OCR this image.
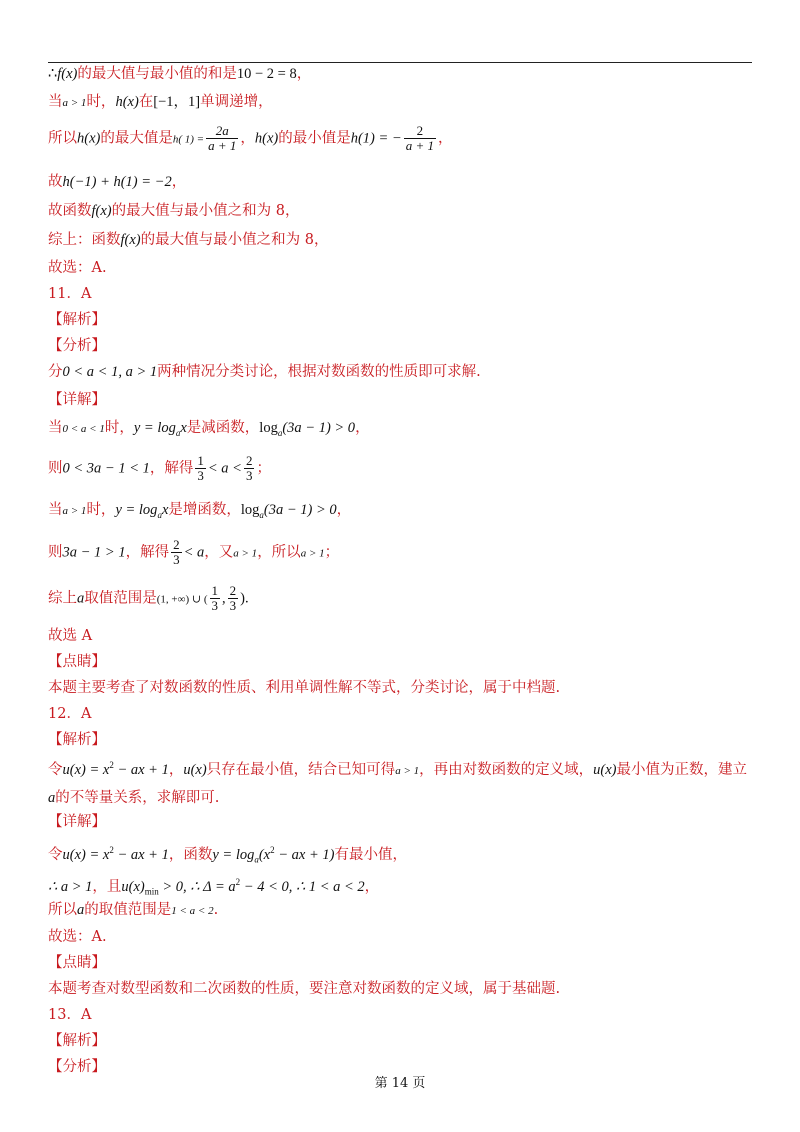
∴f(x)的最大值与最小值的和是10 − 2 = 8，
当a > 1时，h(x)在[−1，1]单调递增，
所以h(x)的最大值是h( $1) = \frac{2a}{a + 1}$ ，h(x)的最小值是h(1) = − $\frac{2}{a + 1}$ ，
故h(−1) + h(1) = −2，
故函数f(x)的最大值与最小值之和为 8，
综上：函数f(x)的最大值与最小值之和为 8，
故选：A.
11．A
【解析】
【分析】
分0 < a < 1, a > 1两种情况分类讨论，根据对数函数的性质即可求解.
【详解】
当0 < a < 1时，$y = \log_ax$是减函数，$\log_a(3a - 1) > 0$，
则0 < 3a − 1 < 1，解得 $\frac{1}{3} < a < \frac{2}{3}$ ；
当a > 1时，$y = \log_ax$是增函数，$\log_a(3a - 1) > 0$，
则3a − 1 > 1，解得 $\frac{2}{3} < a$，又a > 1，所以a > 1；
综上a取值范围是(1, +∞) ∪ ( $\frac{1}{3}$ , $\frac{2}{3}$ ).
故选 A
【点睛】
本题主要考查了对数函数的性质、利用单调性解不等式，分类讨论，属于中档题.
12．A
【解析】
令$u(x) = x^2$ − ax + 1，u(x)只存在最小值，结合已知可得a > 1，再由对数函数的定义域，u(x)最小值为正数，建立a的不等量关系，求解即可.
【详解】
令$u(x) = x^2$ − ax + 1，函数$y = \log_a(x^2$ − ax + 1)有最小值，
∴ a > 1，且$u(x)_{min} > 0$, ∴ $\Delta = a^2 - 4 < 0$, ∴ 1 < a < 2，
所以a的取值范围是1 < a < 2.
故选：A.
【点睛】
本题考查对数型函数和二次函数的性质，要注意对数函数的定义域，属于基础题.
13．A
【解析】
【分析】
第 14 页
